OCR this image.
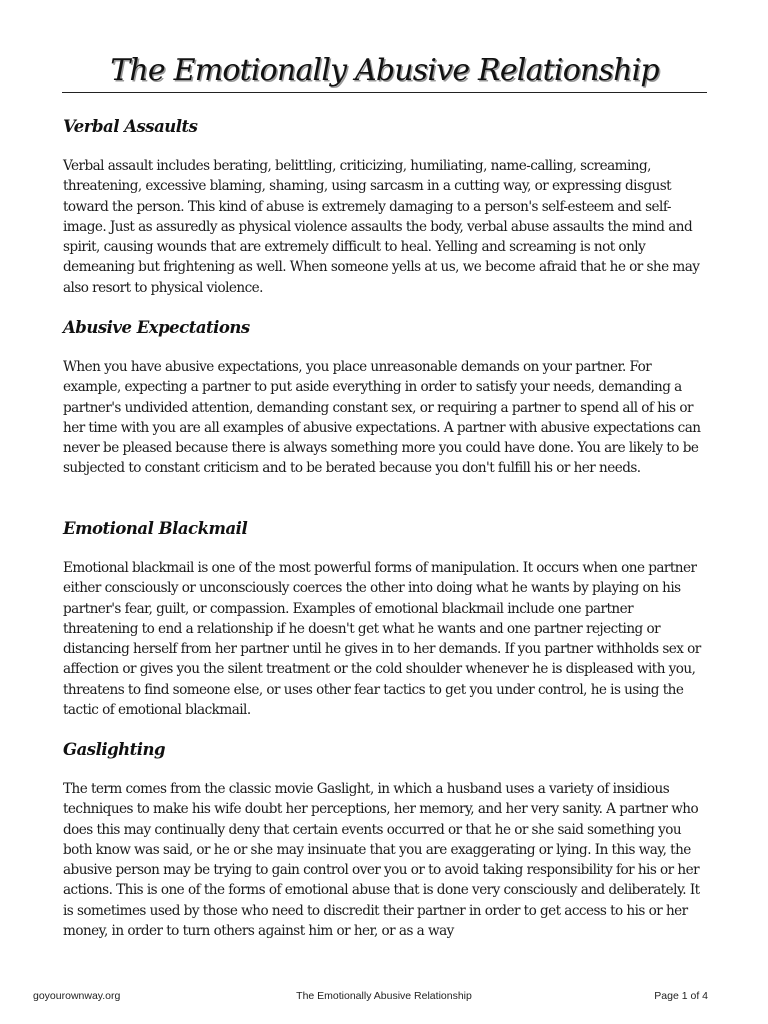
The Emotionally Abusive Relationship
Verbal Assaults

Verbal assault includes berating, belittling, criticizing, humiliating, name-calling, screaming, threatening, excessive blaming, shaming, using sarcasm in a cutting way, or expressing disgust toward the person. This kind of abuse is extremely damaging to a person's self-esteem and self-image. Just as assuredly as physical violence assaults the body, verbal abuse assaults the mind and spirit, causing wounds that are extremely difficult to heal. Yelling and screaming is not only demeaning but frightening as well. When someone yells at us, we become afraid that he or she may also resort to physical violence.

Abusive Expectations

When you have abusive expectations, you place unreasonable demands on your partner. For example, expecting a partner to put aside everything in order to satisfy your needs, demanding a partner's undivided attention, demanding constant sex, or requiring a partner to spend all of his or her time with you are all examples of abusive expectations. A partner with abusive expectations can never be pleased because there is always something more you could have done. You are likely to be subjected to constant criticism and to be berated because you don't fulfill his or her needs.

Emotional Blackmail

Emotional blackmail is one of the most powerful forms of manipulation. It occurs when one partner either consciously or unconsciously coerces the other into doing what he wants by playing on his partner's fear, guilt, or compassion. Examples of emotional blackmail include one partner threatening to end a relationship if he doesn't get what he wants and one partner rejecting or distancing herself from her partner until he gives in to her demands. If you partner withholds sex or affection or gives you the silent treatment or the cold shoulder whenever he is displeased with you, threatens to find someone else, or uses other fear tactics to get you under control, he is using the tactic of emotional blackmail.

Gaslighting

The term comes from the classic movie Gaslight, in which a husband uses a variety of insidious techniques to make his wife doubt her perceptions, her memory, and her very sanity. A partner who does this may continually deny that certain events occurred or that he or she said something you both know was said, or he or she may insinuate that you are exaggerating or lying. In this way, the abusive person may be trying to gain control over you or to avoid taking responsibility for his or her actions. This is one of the forms of emotional abuse that is done very consciously and deliberately. It is sometimes used by those who need to discredit their partner in order to get access to his or her money, in order to turn others against him or her, or as a way

The Emotionally Abusive Relationship
goyourownway.org	Page 1 of 4
